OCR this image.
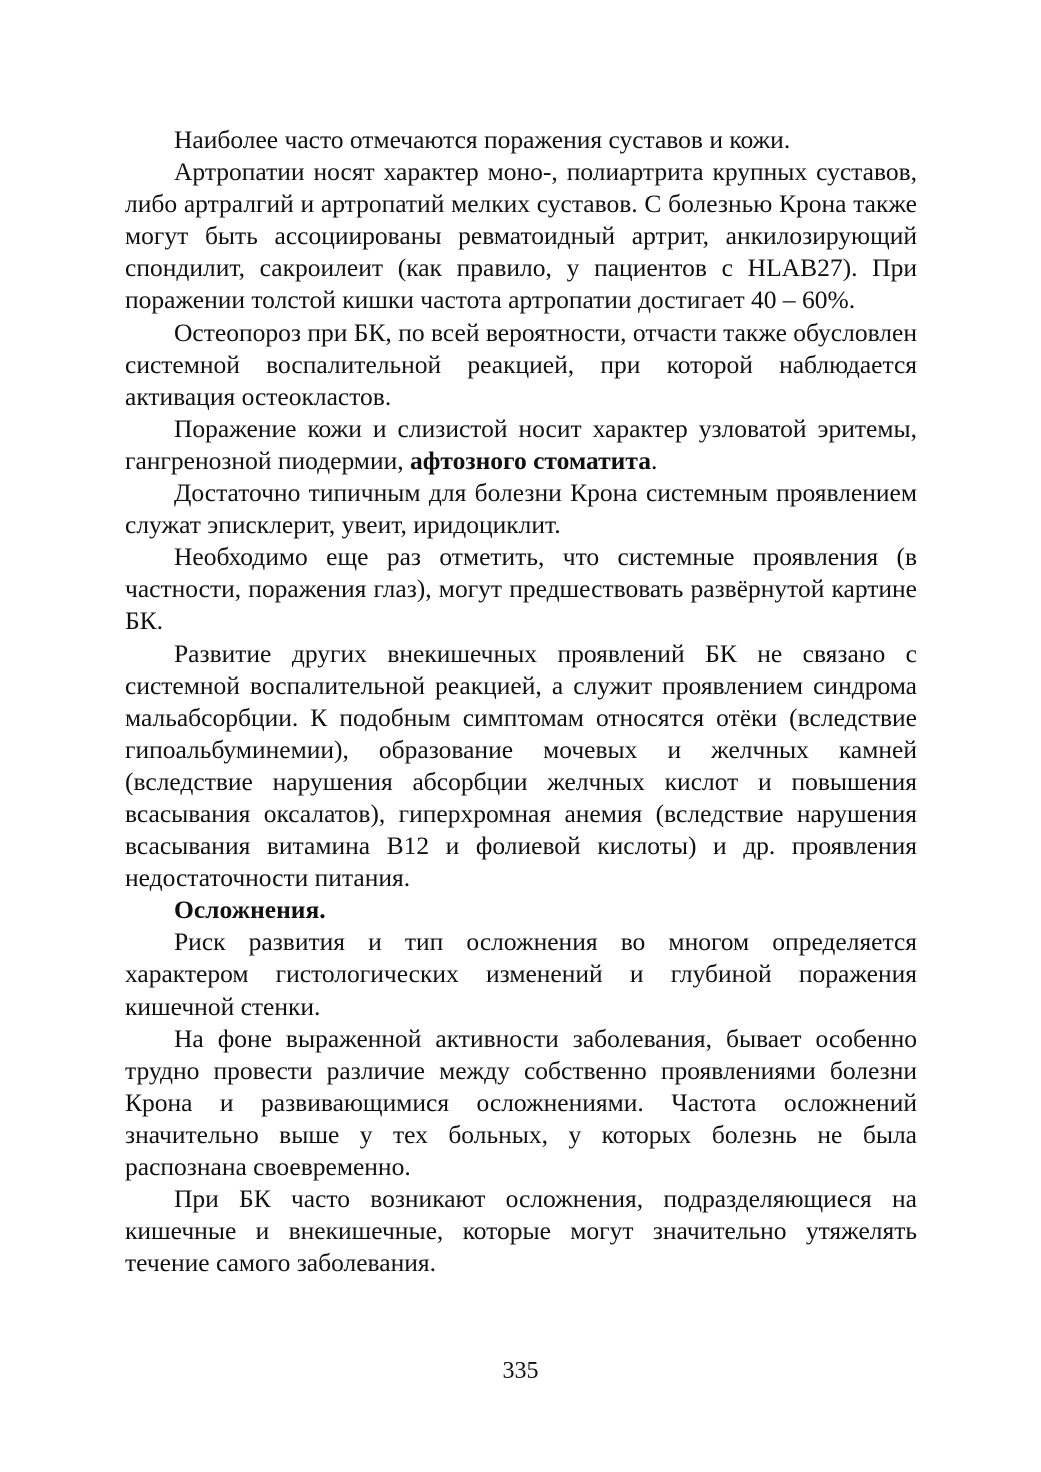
Наиболее часто отмечаются поражения суставов и кожи.

Артропатии носят характер моно-, полиартрита крупных суставов, либо артралгий и артропатий мелких суставов. С болезнью Крона также могут быть ассоциированы ревматоидный артрит, анкилозирующий спондилит, сакроилеит (как правило, у пациентов с HLAB27). При поражении толстой кишки частота артропатии достигает 40 – 60%.

Остеопороз при БК, по всей вероятности, отчасти также обусловлен системной воспалительной реакцией, при которой наблюдается активация остеокластов.

Поражение кожи и слизистой носит характер узловатой эритемы, гангренозной пиодермии, афтозного стоматита.

Достаточно типичным для болезни Крона системным проявлением служат эписклерит, увеит, иридоциклит.

Необходимо еще раз отметить, что системные проявления (в частности, поражения глаз), могут предшествовать развёрнутой картине БК.

Развитие других внекишечных проявлений БК не связано с системной воспалительной реакцией, а служит проявлением синдрома мальабсорбции. К подобным симптомам относятся отёки (вследствие гипоальбуминемии), образование мочевых и желчных камней (вследствие нарушения абсорбции желчных кислот и повышения всасывания оксалатов), гиперхромная анемия (вследствие нарушения всасывания витамина В12 и фолиевой кислоты) и др. проявления недостаточности питания.

Осложнения.

Риск развития и тип осложнения во многом определяется характером гистологических изменений и глубиной поражения кишечной стенки.

На фоне выраженной активности заболевания, бывает особенно трудно провести различие между собственно проявлениями болезни Крона и развивающимися осложнениями. Частота осложнений значительно выше у тех больных, у которых болезнь не была распознана своевременно.

При БК часто возникают осложнения, подразделяющиеся на кишечные и внекишечные, которые могут значительно утяжелять течение самого заболевания.

335
